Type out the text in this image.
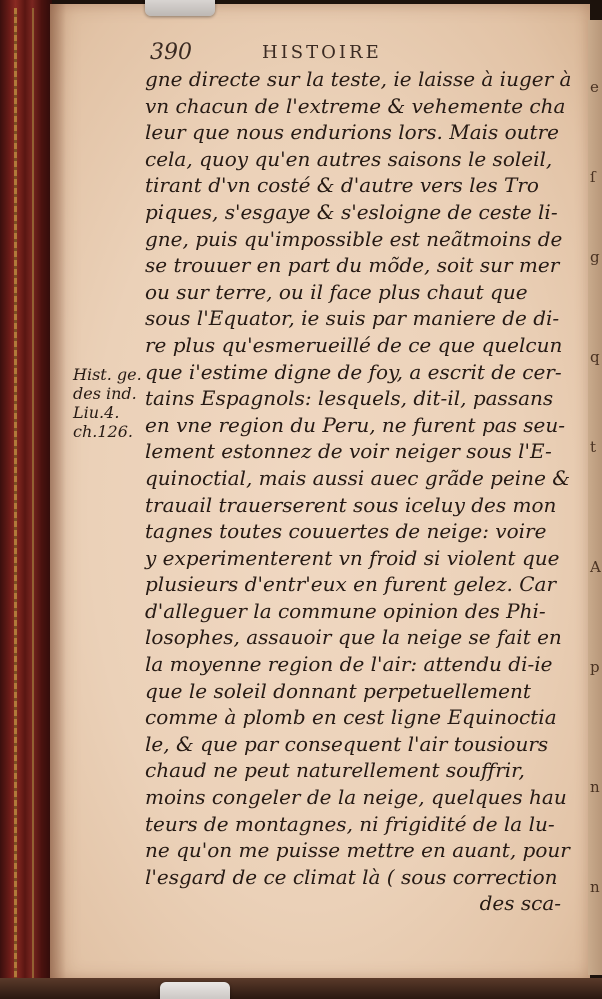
e
ſ
g
q
t
A
p
n
n
390	HISTOIRE
Hist. ge.
des ind.
Liu.4.
ch.126.
gne directe sur la teste, ie laisse à iuger à
vn chacun de l'extreme & vehemente cha
leur que nous endurions lors. Mais outre
cela, quoy qu'en autres saisons le soleil,
tirant d'vn costé & d'autre vers les Tro
piques, s'esgaye & s'esloigne de ceste li-
gne, puis qu'impossible est neãtmoins de
se trouuer en part du mõde, soit sur mer
ou sur terre, ou il face plus chaut que
sous l'Equator, ie suis par maniere de di-
re plus qu'esmerueillé de ce que quelcun
que i'estime digne de foy, a escrit de cer-
tains Espagnols: lesquels, dit-il, passans
en vne region du Peru, ne furent pas seu-
lement estonnez de voir neiger sous l'E-
quinoctial, mais aussi auec grãde peine &
trauail trauerserent sous iceluy des mon
tagnes toutes couuertes de neige: voire
y experimenterent vn froid si violent que
plusieurs d'entr'eux en furent gelez. Car
d'alleguer la commune opinion des Phi-
losophes, assauoir que la neige se fait en
la moyenne region de l'air: attendu di-ie
que le soleil donnant perpetuellement
comme à plomb en cest ligne Equinoctia
le, & que par consequent l'air tousiours
chaud ne peut naturellement souffrir,
moins congeler de la neige, quelques hau
teurs de montagnes, ni frigidité de la lu-
ne qu'on me puisse mettre en auant, pour
l'esgard de ce climat là ( sous correction
des sca-
